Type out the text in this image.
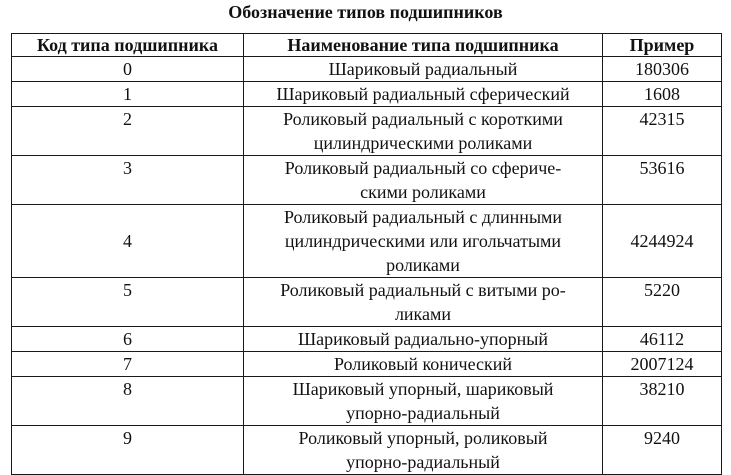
Обозначение типов подшипников
Код типа подшипника	Наименование типа подшипника	Пример
0	Шариковый радиальный	180306
1	Шариковый радиальный сферический	1608
2	Роликовый радиальный с короткими
цилиндрическими роликами	42315
3	Роликовый радиальный со сфериче-
скими роликами	53616
4	Роликовый радиальный с длинными
цилиндрическими или игольчатыми
роликами	4244924
5	Роликовый радиальный с витыми ро-
ликами	5220
6	Шариковый радиально-упорный	46112
7	Роликовый конический	2007124
8	Шариковый упорный, шариковый
упорно-радиальный	38210
9	Роликовый упорный, роликовый
упорно-радиальный	9240
